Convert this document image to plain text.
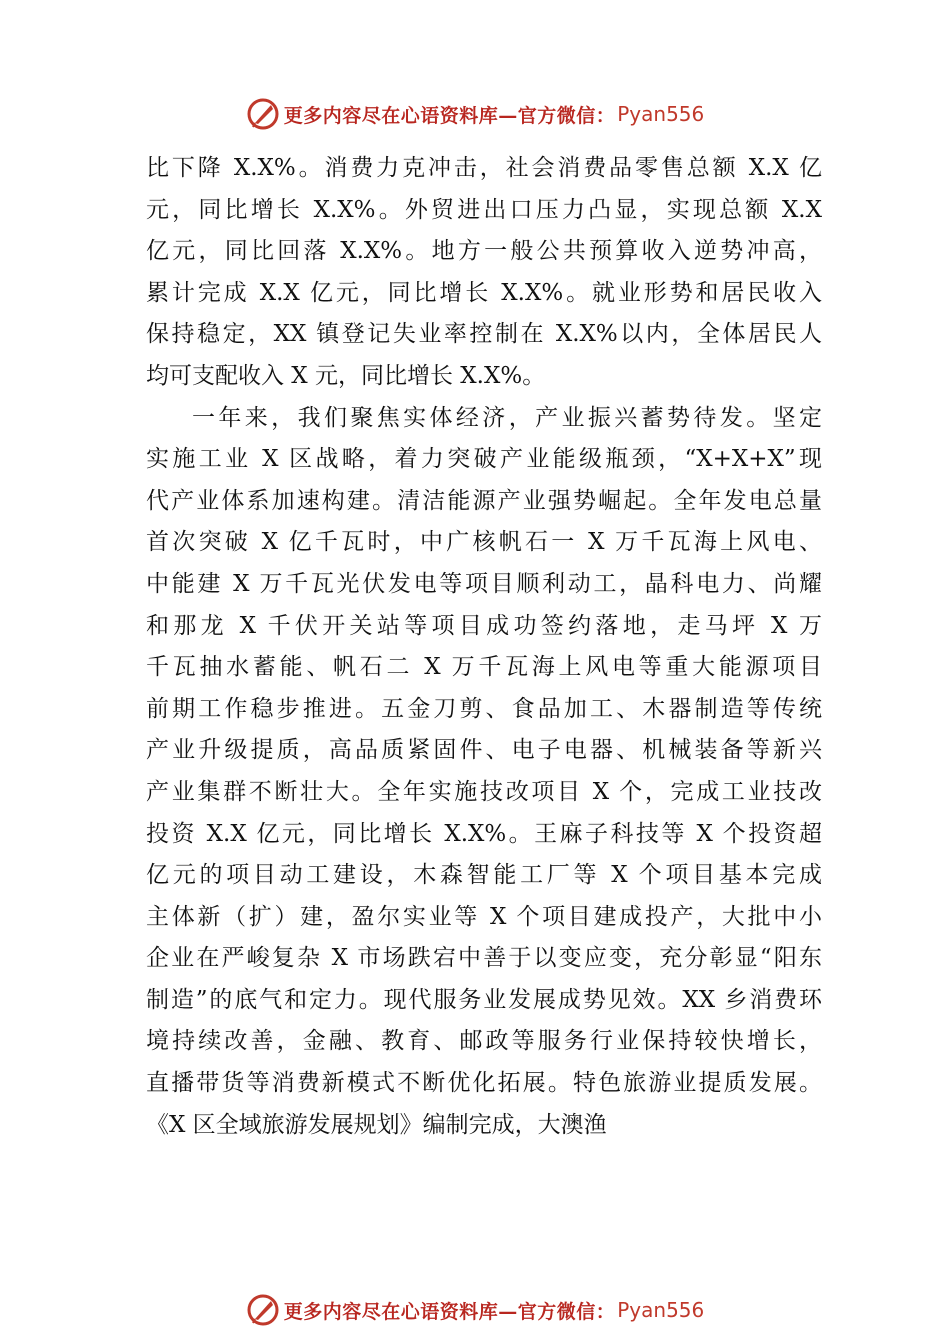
更多内容尽在心语资料库—官方微信： Pyan556
比下降 X.X%。消费力克冲击，社会消费品零售总额 X.X 亿
元，同比增长 X.X%。外贸进出口压力凸显，实现总额 X.X
亿元，同比回落 X.X%。地方一般公共预算收入逆势冲高，
累计完成 X.X 亿元，同比增长 X.X%。就业形势和居民收入
保持稳定，XX 镇登记失业率控制在 X.X%以内，全体居民人
均可支配收入 X 元，同比增长 X.X%。
一年来，我们聚焦实体经济，产业振兴蓄势待发。坚定
实施工业 X 区战略，着力突破产业能级瓶颈，“X+X+X”现
代产业体系加速构建。清洁能源产业强势崛起。全年发电总量
首次突破 X 亿千瓦时，中广核帆石一 X 万千瓦海上风电、
中能建 X 万千瓦光伏发电等项目顺利动工，晶科电力、尚耀
和那龙 X 千伏开关站等项目成功签约落地，走马坪 X 万
千瓦抽水蓄能、帆石二 X 万千瓦海上风电等重大能源项目
前期工作稳步推进。五金刀剪、食品加工、木器制造等传统
产业升级提质，高品质紧固件、电子电器、机械装备等新兴
产业集群不断壮大。全年实施技改项目 X 个，完成工业技改
投资 X.X 亿元，同比增长 X.X%。王麻子科技等 X 个投资超
亿元的项目动工建设，木森智能工厂等 X 个项目基本完成
主体新（扩）建，盈尔实业等 X 个项目建成投产，大批中小
企业在严峻复杂 X 市场跌宕中善于以变应变，充分彰显“阳东
制造”的底气和定力。现代服务业发展成势见效。XX 乡消费环
境持续改善，金融、教育、邮政等服务行业保持较快增长，
直播带货等消费新模式不断优化拓展。特色旅游业提质发展。
《X 区全域旅游发展规划》编制完成，大澳渔
更多内容尽在心语资料库—官方微信： Pyan556
